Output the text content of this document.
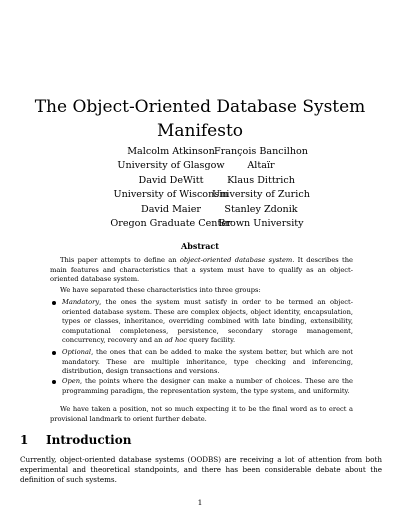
The Object-Oriented Database System
Manifesto
Malcolm Atkinson
University of Glasgow
François Bancilhon
Altaïr
David DeWitt
University of Wisconsin
Klaus Dittrich
University of Zurich
David Maier
Oregon Graduate Center
Stanley Zdonik
Brown University
Abstract

This paper attempts to define an object-oriented database system. It describes the main features and characteristics that a system must have to qualify as an object-oriented database system.

We have separated these characteristics into three groups:

Mandatory, the ones the system must satisfy in order to be termed an object-oriented database system. These are complex objects, object identity, encapsulation, types or classes, inheritance, overriding combined with late binding, extensibility, computational completeness, persistence, secondary storage management, concurrency, recovery and an ad hoc query facility.
Optional, the ones that can be added to make the system better, but which are not mandatory. These are multiple inheritance, type checking and inferencing, distribution, design transactions and versions.
Open, the points where the designer can make a number of choices. These are the programming paradigm, the representation system, the type system, and uniformity.

We have taken a position, not so much expecting it to be the final word as to erect a provisional landmark to orient further debate.

1 Introduction

Currently, object-oriented database systems (OODBS) are receiving a lot of attention from both experimental and theoretical standpoints, and there has been considerable debate about the definition of such systems.

1
